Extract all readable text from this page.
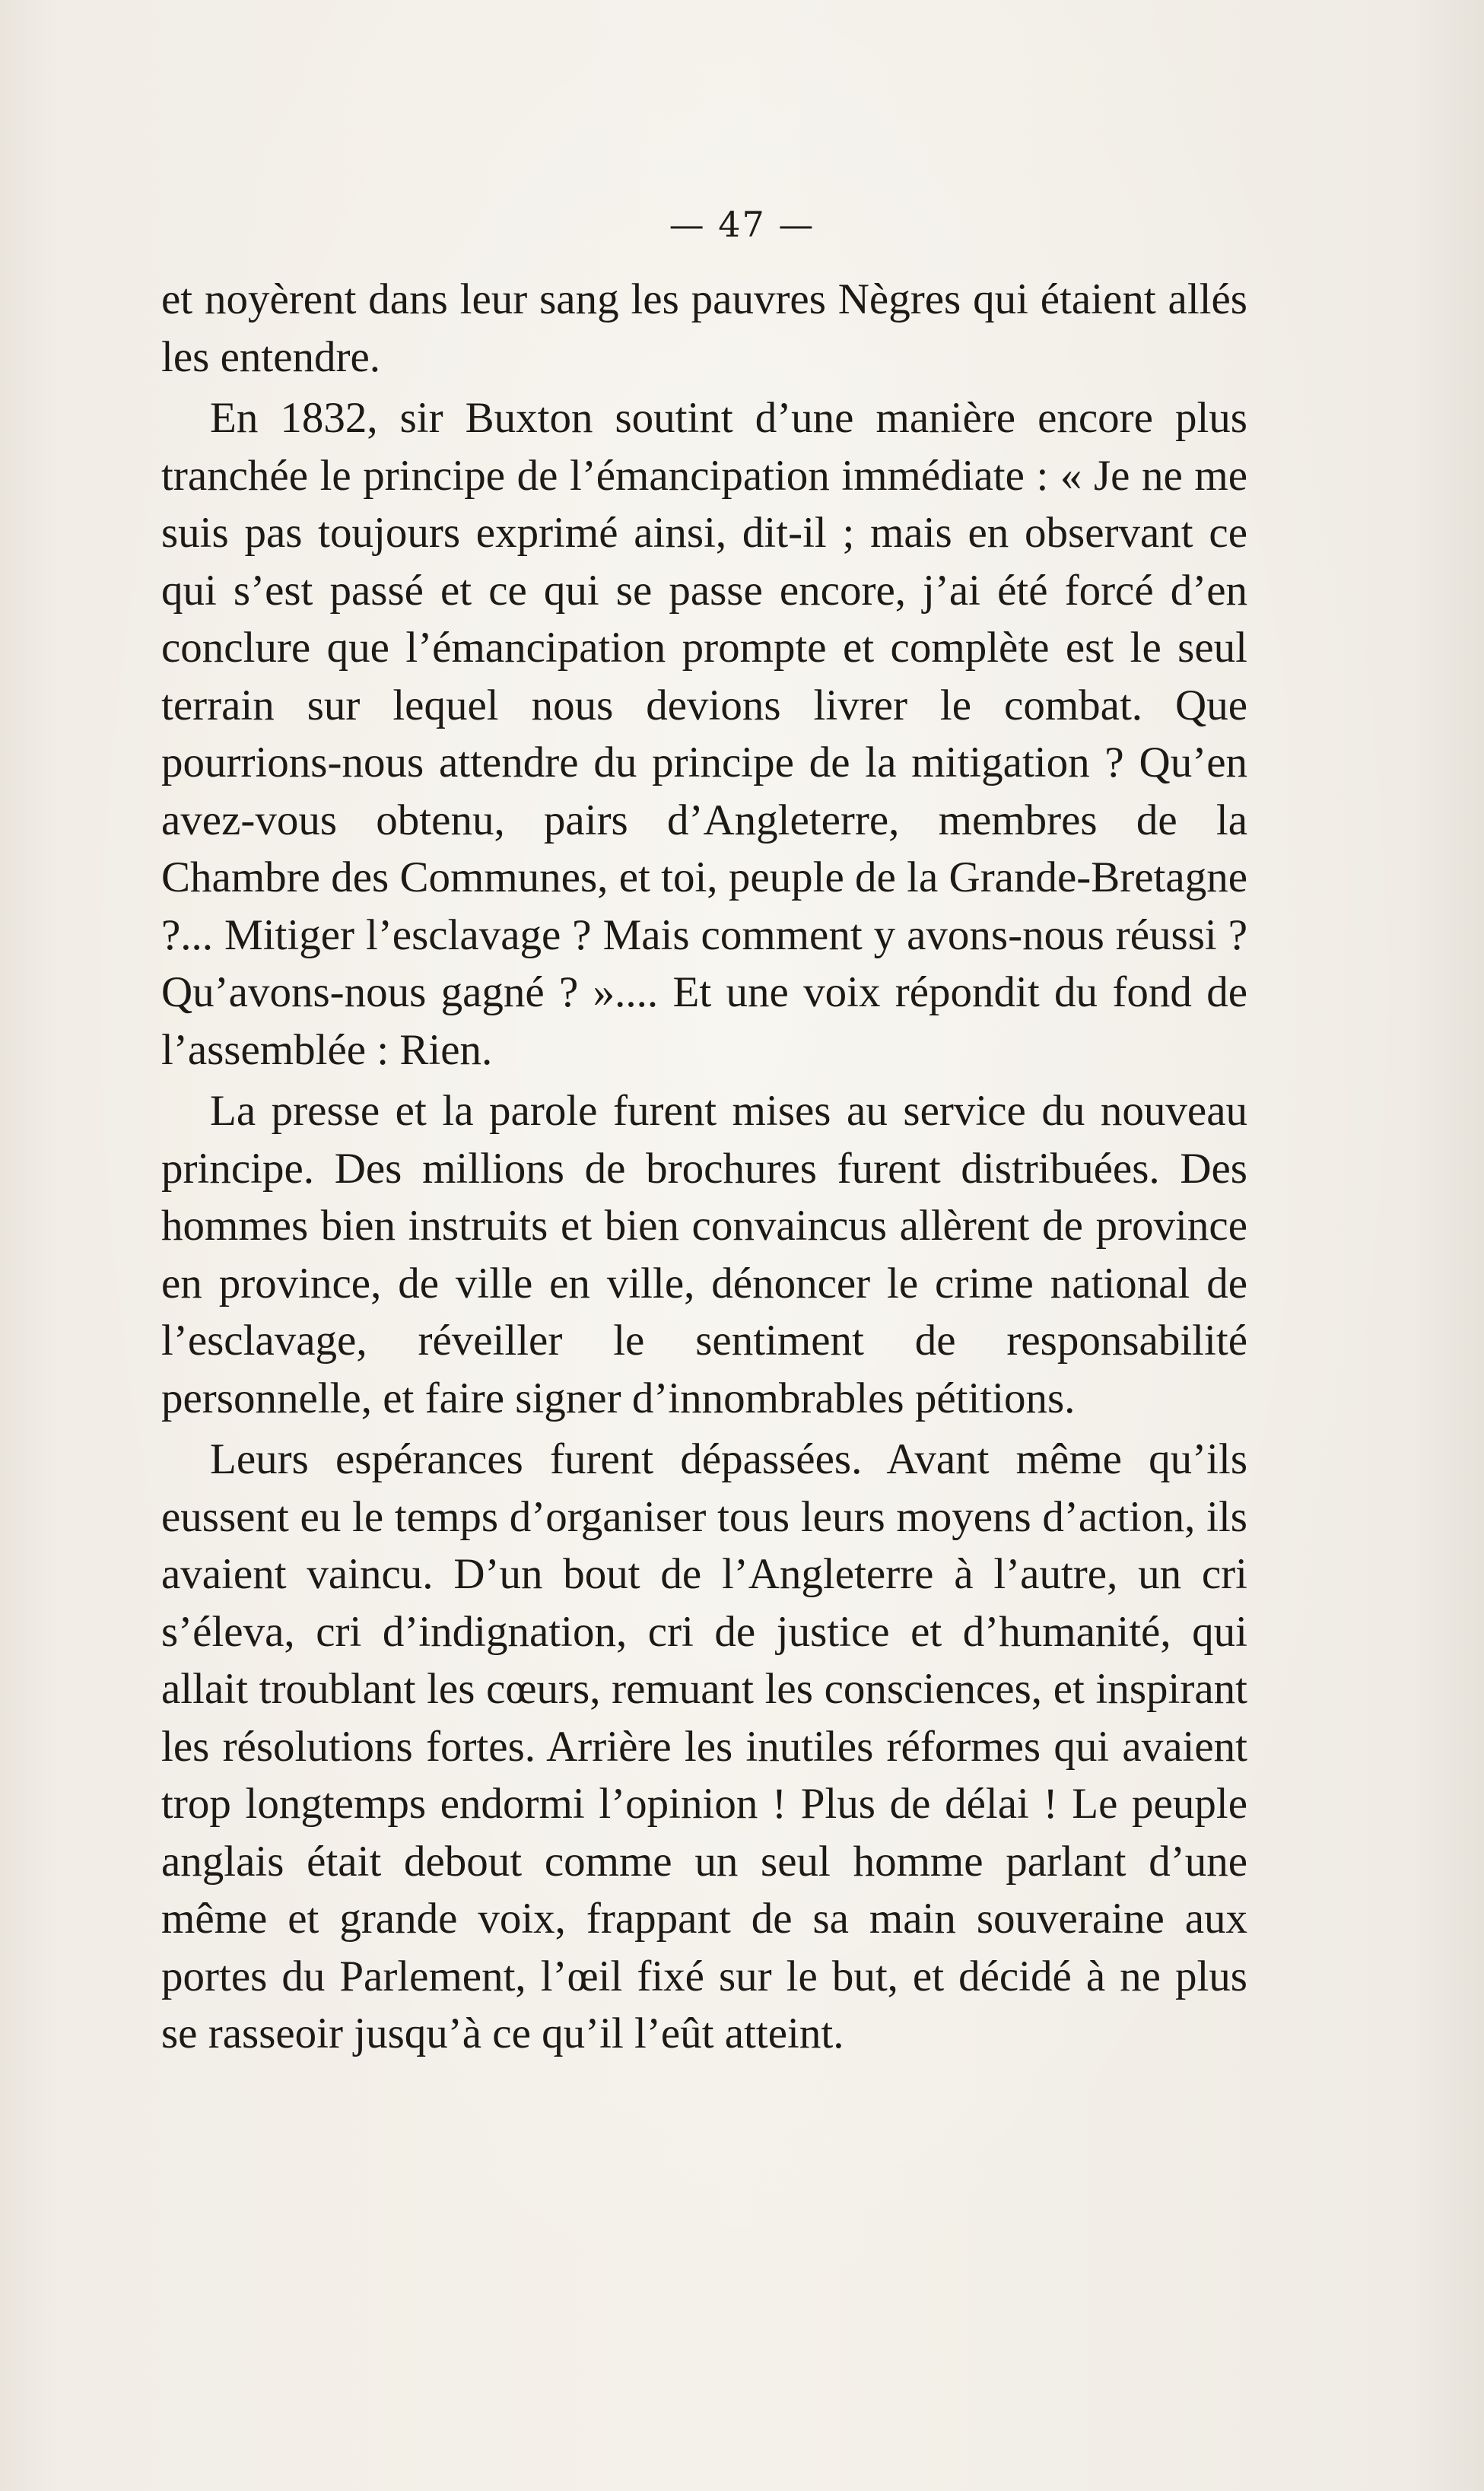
— 47 —

et noyèrent dans leur sang les pauvres Nègres qui étaient allés les entendre.

En 1832, sir Buxton soutint d’une manière encore plus tranchée le principe de l’émancipation immédiate : « Je ne me suis pas toujours exprimé ainsi, dit-il ; mais en observant ce qui s’est passé et ce qui se passe encore, j’ai été forcé d’en conclure que l’émancipation prompte et complète est le seul terrain sur lequel nous devions livrer le combat. Que pourrions-nous attendre du principe de la mitigation ? Qu’en avez-vous obtenu, pairs d’Angleterre, membres de la Chambre des Communes, et toi, peuple de la Grande-Bretagne ?... Mitiger l’esclavage ? Mais comment y avons-nous réussi ? Qu’avons-nous gagné ? ».... Et une voix répondit du fond de l’assemblée : Rien.

La presse et la parole furent mises au service du nouveau principe. Des millions de brochures furent distribuées. Des hommes bien instruits et bien convaincus allèrent de province en province, de ville en ville, dénoncer le crime national de l’esclavage, réveiller le sentiment de responsabilité personnelle, et faire signer d’innombrables pétitions.

Leurs espérances furent dépassées. Avant même qu’ils eussent eu le temps d’organiser tous leurs moyens d’action, ils avaient vaincu. D’un bout de l’Angleterre à l’autre, un cri s’éleva, cri d’indignation, cri de justice et d’humanité, qui allait troublant les cœurs, remuant les consciences, et inspirant les résolutions fortes. Arrière les inutiles réformes qui avaient trop longtemps endormi l’opinion ! Plus de délai ! Le peuple anglais était debout comme un seul homme parlant d’une même et grande voix, frappant de sa main souveraine aux portes du Parlement, l’œil fixé sur le but, et décidé à ne plus se rasseoir jusqu’à ce qu’il l’eût atteint.
